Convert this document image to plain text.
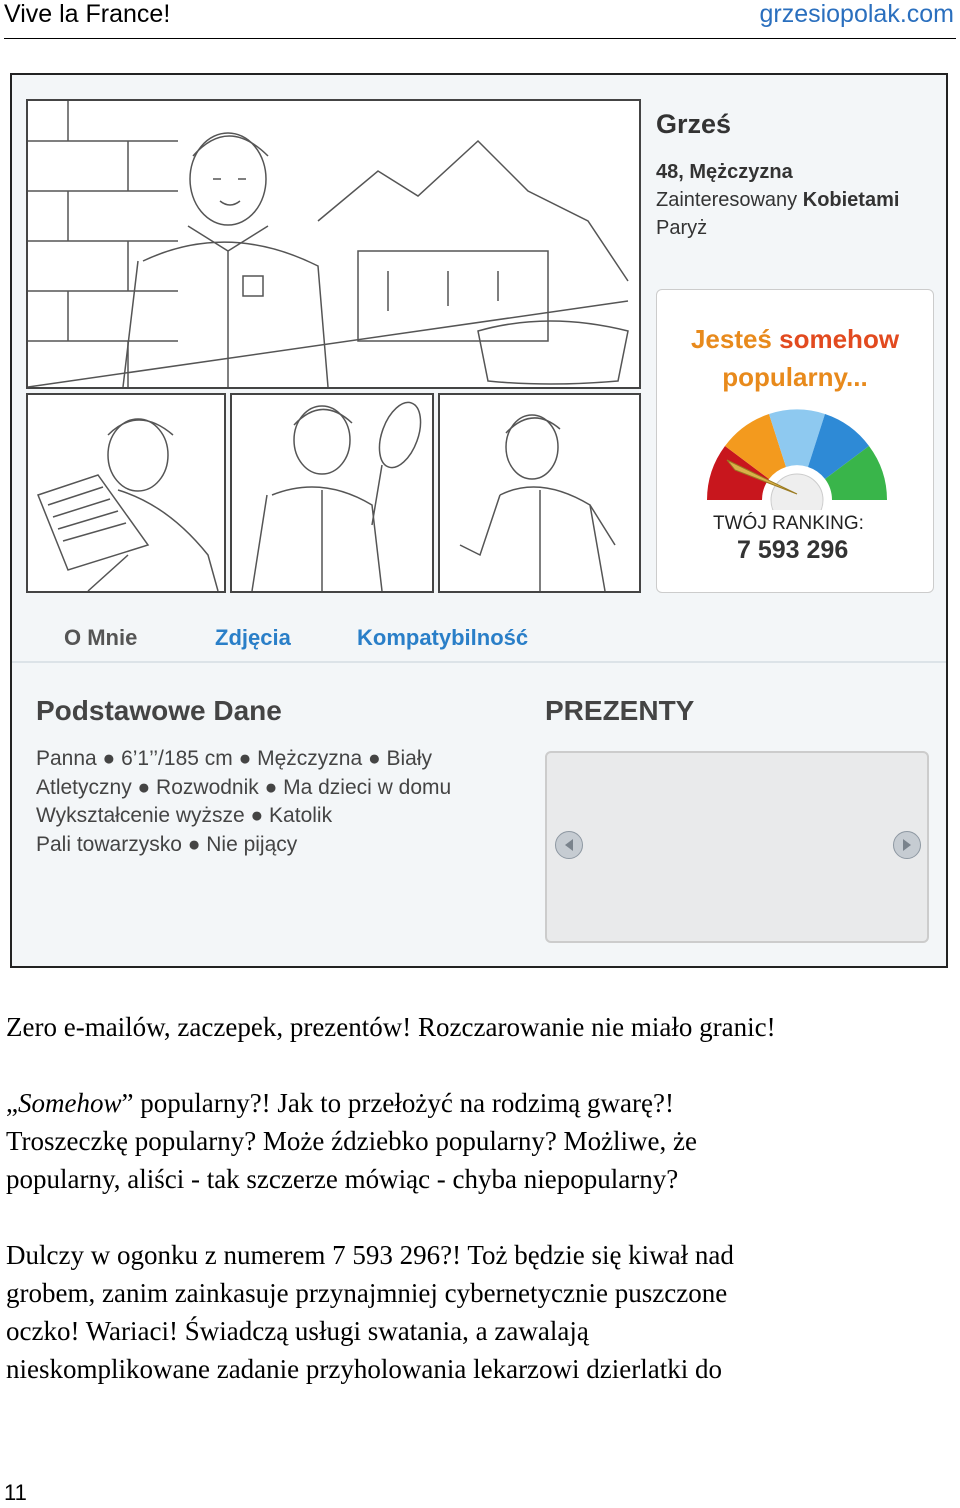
Vive la France!	grzesiopolak.com
Grześ
48, Mężczyzna
Zainteresowany Kobietami
Paryż
Jesteś somehow
popularny...
TWÓJ RANKING:
7 593 296
O Mnie	Zdjęcia	Kompatybilność
Podstawowe Dane
Panna ● 6’1’’/185 cm ● Mężczyzna ● Biały
Atletyczny ● Rozwodnik ● Ma dzieci w domu
Wykształcenie wyższe ● Katolik
Pali towarzysko ● Nie pijący
PREZENTY
Zero e-mailów, zaczepek, prezentów! Rozczarowanie nie miało granic!
„Somehow” popularny?! Jak to przełożyć na rodzimą gwarę?!
Troszeczkę popularny? Może ździebko popularny? Możliwe, że
popularny, aliści - tak szczerze mówiąc - chyba niepopularny?
Dulczy w ogonku z numerem 7 593 296?! Toż będzie się kiwał nad
grobem, zanim zainkasuje przynajmniej cybernetycznie puszczone
oczko! Wariaci! Świadczą usługi swatania, a zawalają
nieskomplikowane zadanie przyholowania lekarzowi dzierlatki do
11
